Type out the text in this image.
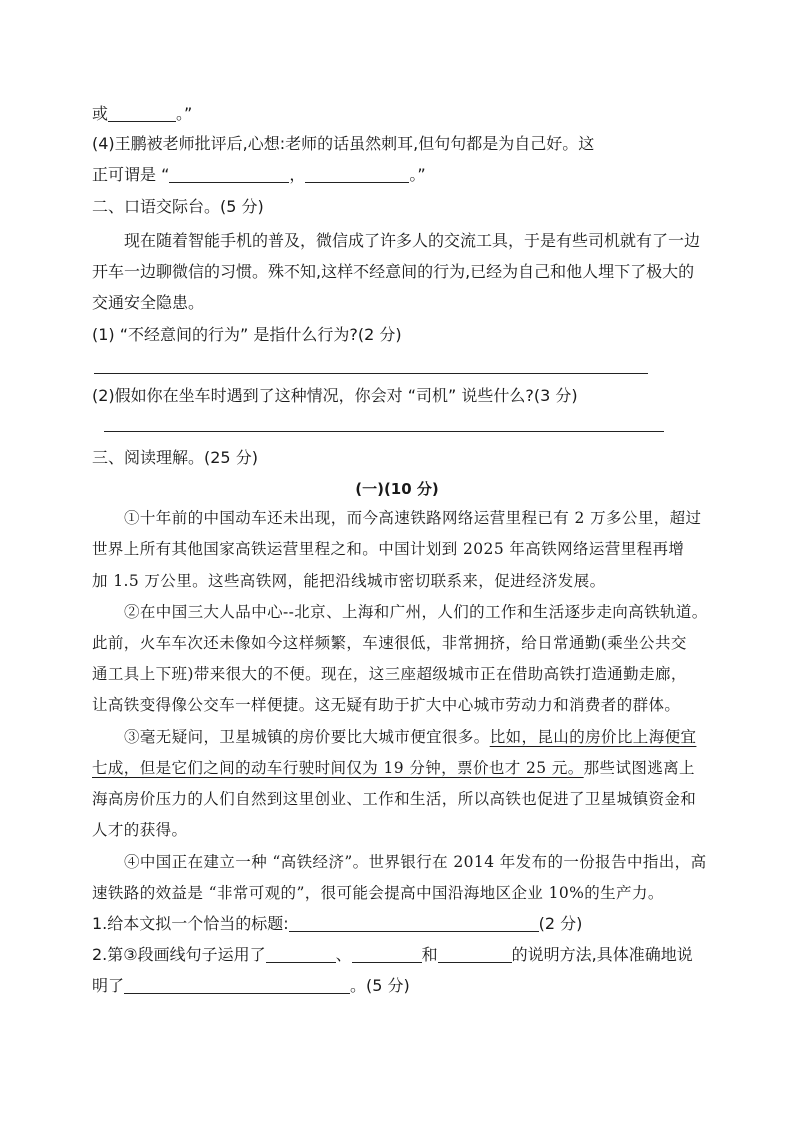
或	。”
(4)王鹏被老师批评后,心想:老师的话虽然刺耳,但句句都是为自己好。这
正可谓是 “	，	。”
二、口语交际台。(5 分)
现在随着智能手机的普及，微信成了许多人的交流工具，于是有些司机就有了一边
开车一边聊微信的习惯。殊不知,这样不经意间的行为,已经为自己和他人埋下了极大的
交通安全隐患。
(1) “不经意间的行为” 是指什么行为?(2 分)
(2)假如你在坐车时遇到了这种情况，你会对 “司机” 说些什么?(3 分)
三、阅读理解。(25 分)
(一)(10 分)
①十年前的中国动车还未出现，而今高速铁路网络运营里程已有 2 万多公里，超过
世界上所有其他国家高铁运营里程之和。中国计划到 2025 年高铁网络运营里程再增
加 1.5 万公里。这些高铁网，能把沿线城市密切联系来，促进经济发展。
②在中国三大人品中心--北京、上海和广州，人们的工作和生活逐步走向高铁轨道。
此前，火车车次还未像如今这样频繁，车速很低，非常拥挤，给日常通勤(乘坐公共交
通工具上下班)带来很大的不便。现在，这三座超级城市正在借助高铁打造通勤走廊，
让高铁变得像公交车一样便捷。这无疑有助于扩大中心城市劳动力和消费者的群体。
③毫无疑问，卫星城镇的房价要比大城市便宜很多。比如，昆山的房价比上海便宜
七成，但是它们之间的动车行驶时间仅为 19 分钟，票价也才 25 元。那些试图逃离上
海高房价压力的人们自然到这里创业、工作和生活，所以高铁也促进了卫星城镇资金和
人才的获得。
④中国正在建立一种 “高铁经济”。世界银行在 2014 年发布的一份报告中指出，高
速铁路的效益是 “非常可观的”，很可能会提高中国沿海地区企业 10%的生产力。
1.给本文拟一个恰当的标题:	(2 分)
2.第③段画线句子运用了	、	和	的说明方法,具体准确地说
明了	。(5 分)
